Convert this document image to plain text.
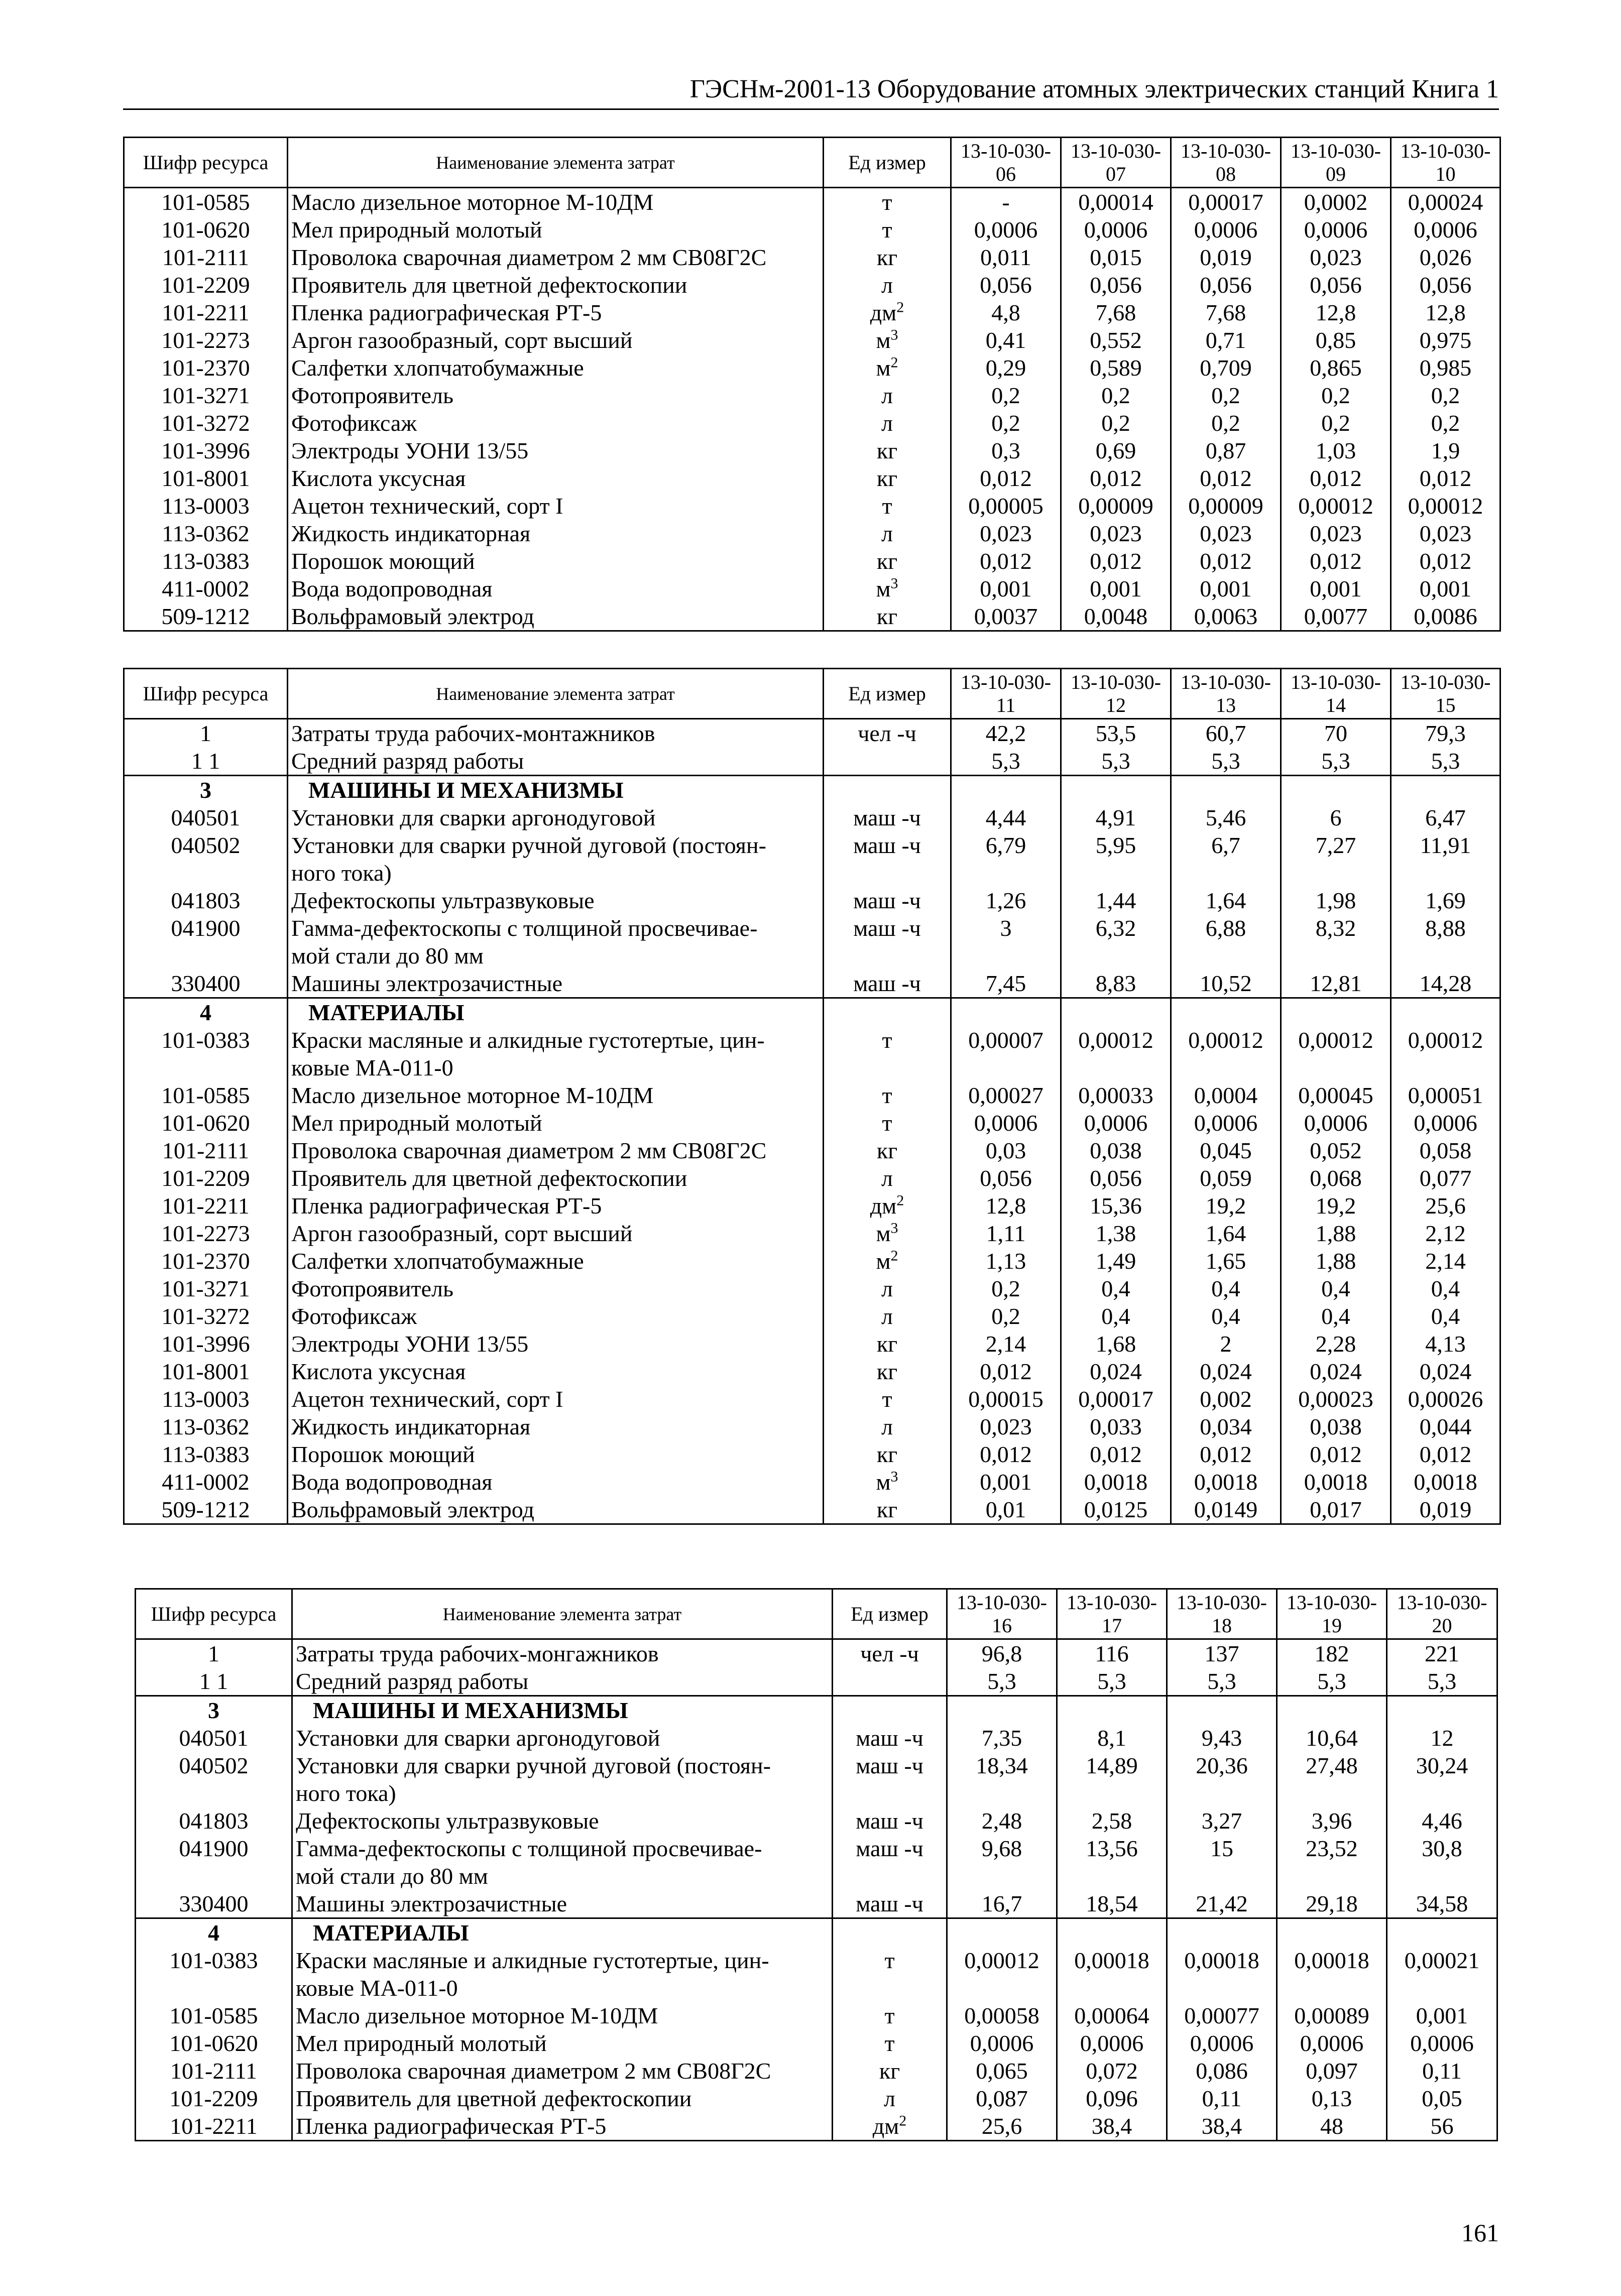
ГЭСНм-2001-13 Оборудование атомных электрических станций Книга 1
Шифр ресурса	Наименование элемента затрат	Ед измер	13-10-030-06	13-10-030-07	13-10-030-08	13-10-030-09	13-10-030-10
101-0585	Масло дизельное моторное М-10ДМ	т	-	0,00014	0,00017	0,0002	0,00024
101-0620	Мел природный молотый	т	0,0006	0,0006	0,0006	0,0006	0,0006
101-2111	Проволока сварочная диаметром 2 мм СВ08Г2С	кг	0,011	0,015	0,019	0,023	0,026
101-2209	Проявитель для цветной дефектоскопии	л	0,056	0,056	0,056	0,056	0,056
101-2211	Пленка радиографическая РТ-5	$дм^2$	4,8	7,68	7,68	12,8	12,8
101-2273	Аргон газообразный, сорт высший	$м^3$	0,41	0,552	0,71	0,85	0,975
101-2370	Салфетки хлопчатобумажные	$м^2$	0,29	0,589	0,709	0,865	0,985
101-3271	Фотопроявитель	л	0,2	0,2	0,2	0,2	0,2
101-3272	Фотофиксаж	л	0,2	0,2	0,2	0,2	0,2
101-3996	Электроды УОНИ 13/55	кг	0,3	0,69	0,87	1,03	1,9
101-8001	Кислота уксусная	кг	0,012	0,012	0,012	0,012	0,012
113-0003	Ацетон технический, сорт I	т	0,00005	0,00009	0,00009	0,00012	0,00012
113-0362	Жидкость индикаторная	л	0,023	0,023	0,023	0,023	0,023
113-0383	Порошок моющий	кг	0,012	0,012	0,012	0,012	0,012
411-0002	Вода водопроводная	$м^3$	0,001	0,001	0,001	0,001	0,001
509-1212	Вольфрамовый электрод	кг	0,0037	0,0048	0,0063	0,0077	0,0086
Шифр ресурса	Наименование элемента затрат	Ед измер	13-10-030-11	13-10-030-12	13-10-030-13	13-10-030-14	13-10-030-15
1	Затраты труда рабочих-монтажников	чел -ч	42,2	53,5	60,7	70	79,3
1 1	Средний разряд работы		5,3	5,3	5,3	5,3	5,3
3	МАШИНЫ И МЕХАНИЗМЫ						
040501	Установки для сварки аргонодуговой	маш -ч	4,44	4,91	5,46	6	6,47
040502	Установки для сварки ручной дуговой (постоян-
ного тока)	маш -ч	6,79	5,95	6,7	7,27	11,91
041803	Дефектоскопы ультразвуковые	маш -ч	1,26	1,44	1,64	1,98	1,69
041900	Гамма-дефектоскопы с толщиной просвечивае-
мой стали до 80 мм	маш -ч	3	6,32	6,88	8,32	8,88
330400	Машины электрозачистные	маш -ч	7,45	8,83	10,52	12,81	14,28
4	МАТЕРИАЛЫ						
101-0383	Краски масляные и алкидные густотертые, цин-
ковые МА-011-0	т	0,00007	0,00012	0,00012	0,00012	0,00012
101-0585	Масло дизельное моторное М-10ДМ	т	0,00027	0,00033	0,0004	0,00045	0,00051
101-0620	Мел природный молотый	т	0,0006	0,0006	0,0006	0,0006	0,0006
101-2111	Проволока сварочная диаметром 2 мм СВ08Г2С	кг	0,03	0,038	0,045	0,052	0,058
101-2209	Проявитель для цветной дефектоскопии	л	0,056	0,056	0,059	0,068	0,077
101-2211	Пленка радиографическая РТ-5	$дм^2$	12,8	15,36	19,2	19,2	25,6
101-2273	Аргон газообразный, сорт высший	$м^3$	1,11	1,38	1,64	1,88	2,12
101-2370	Салфетки хлопчатобумажные	$м^2$	1,13	1,49	1,65	1,88	2,14
101-3271	Фотопроявитель	л	0,2	0,4	0,4	0,4	0,4
101-3272	Фотофиксаж	л	0,2	0,4	0,4	0,4	0,4
101-3996	Электроды УОНИ 13/55	кг	2,14	1,68	2	2,28	4,13
101-8001	Кислота уксусная	кг	0,012	0,024	0,024	0,024	0,024
113-0003	Ацетон технический, сорт I	т	0,00015	0,00017	0,002	0,00023	0,00026
113-0362	Жидкость индикаторная	л	0,023	0,033	0,034	0,038	0,044
113-0383	Порошок моющий	кг	0,012	0,012	0,012	0,012	0,012
411-0002	Вода водопроводная	$м^3$	0,001	0,0018	0,0018	0,0018	0,0018
509-1212	Вольфрамовый электрод	кг	0,01	0,0125	0,0149	0,017	0,019
Шифр ресурса	Наименование элемента затрат	Ед измер	13-10-030-16	13-10-030-17	13-10-030-18	13-10-030-19	13-10-030-20
1	Затраты труда рабочих-монгажников	чел -ч	96,8	116	137	182	221
1 1	Средний разряд работы		5,3	5,3	5,3	5,3	5,3
3	МАШИНЫ И МЕХАНИЗМЫ						
040501	Установки для сварки аргонодуговой	маш -ч	7,35	8,1	9,43	10,64	12
040502	Установки для сварки ручной дуговой (постоян-
ного тока)	маш -ч	18,34	14,89	20,36	27,48	30,24
041803	Дефектоскопы ультразвуковые	маш -ч	2,48	2,58	3,27	3,96	4,46
041900	Гамма-дефектоскопы с толщиной просвечивае-
мой стали до 80 мм	маш -ч	9,68	13,56	15	23,52	30,8
330400	Машины электрозачистные	маш -ч	16,7	18,54	21,42	29,18	34,58
4	МАТЕРИАЛЫ						
101-0383	Краски масляные и алкидные густотертые, цин-
ковые МА-011-0	т	0,00012	0,00018	0,00018	0,00018	0,00021
101-0585	Масло дизельное моторное М-10ДМ	т	0,00058	0,00064	0,00077	0,00089	0,001
101-0620	Мел природный молотый	т	0,0006	0,0006	0,0006	0,0006	0,0006
101-2111	Проволока сварочная диаметром 2 мм СВ08Г2С	кг	0,065	0,072	0,086	0,097	0,11
101-2209	Проявитель для цветной дефектоскопии	л	0,087	0,096	0,11	0,13	0,05
101-2211	Пленка радиографическая РТ-5	$дм^2$	25,6	38,4	38,4	48	56
161
